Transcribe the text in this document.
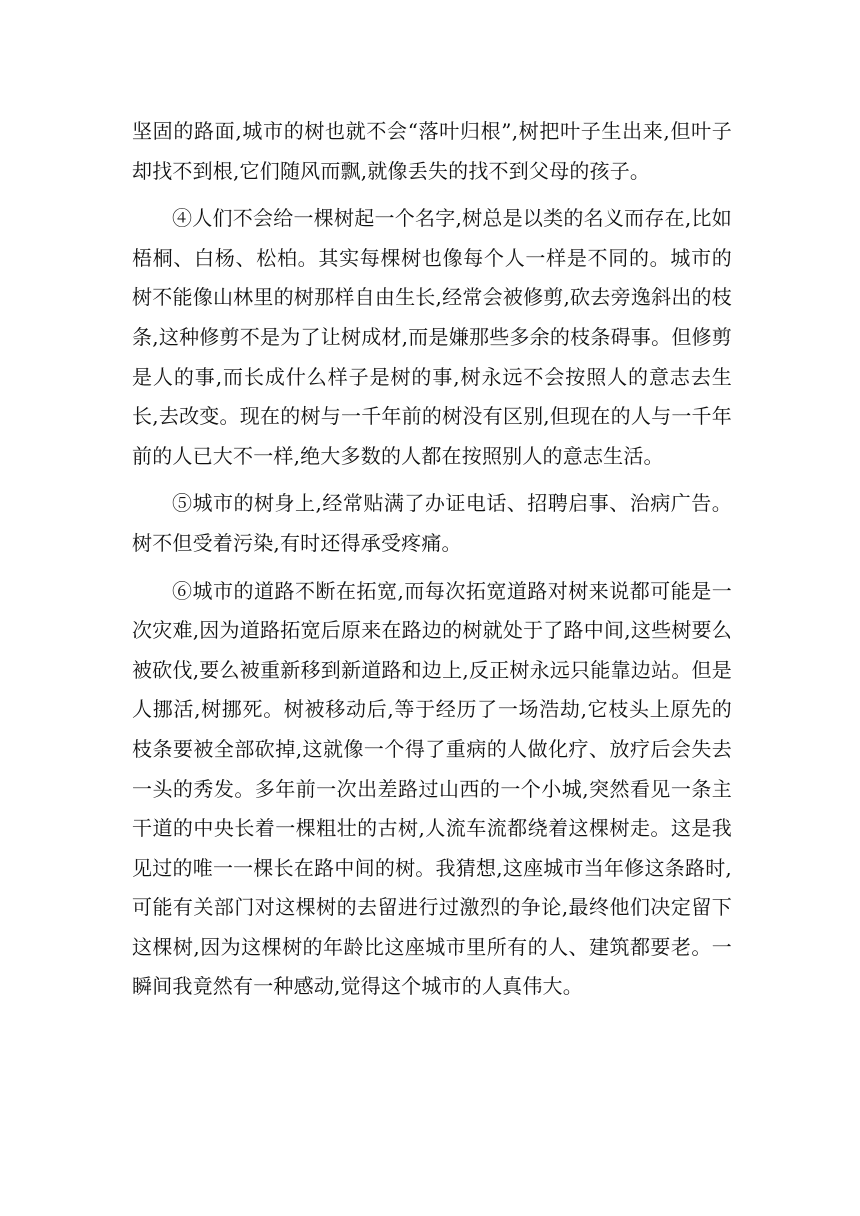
坚固的路面,城市的树也就不会“落叶归根”,树把叶子生出来,但叶子却找不到根,它们随风而飘,就像丢失的找不到父母的孩子。

④人们不会给一棵树起一个名字,树总是以类的名义而存在,比如梧桐、白杨、松柏。其实每棵树也像每个人一样是不同的。城市的树不能像山林里的树那样自由生长,经常会被修剪,砍去旁逸斜出的枝条,这种修剪不是为了让树成材,而是嫌那些多余的枝条碍事。但修剪是人的事,而长成什么样子是树的事,树永远不会按照人的意志去生长,去改变。现在的树与一千年前的树没有区别,但现在的人与一千年前的人已大不一样,绝大多数的人都在按照别人的意志生活。

⑤城市的树身上,经常贴满了办证电话、招聘启事、治病广告。树不但受着污染,有时还得承受疼痛。

⑥城市的道路不断在拓宽,而每次拓宽道路对树来说都可能是一次灾难,因为道路拓宽后原来在路边的树就处于了路中间,这些树要么被砍伐,要么被重新移到新道路和边上,反正树永远只能靠边站。但是人挪活,树挪死。树被移动后,等于经历了一场浩劫,它枝头上原先的枝条要被全部砍掉,这就像一个得了重病的人做化疗、放疗后会失去一头的秀发。多年前一次出差路过山西的一个小城,突然看见一条主干道的中央长着一棵粗壮的古树,人流车流都绕着这棵树走。这是我见过的唯一一棵长在路中间的树。我猜想,这座城市当年修这条路时,可能有关部门对这棵树的去留进行过激烈的争论,最终他们决定留下这棵树,因为这棵树的年龄比这座城市里所有的人、建筑都要老。一瞬间我竟然有一种感动,觉得这个城市的人真伟大。
